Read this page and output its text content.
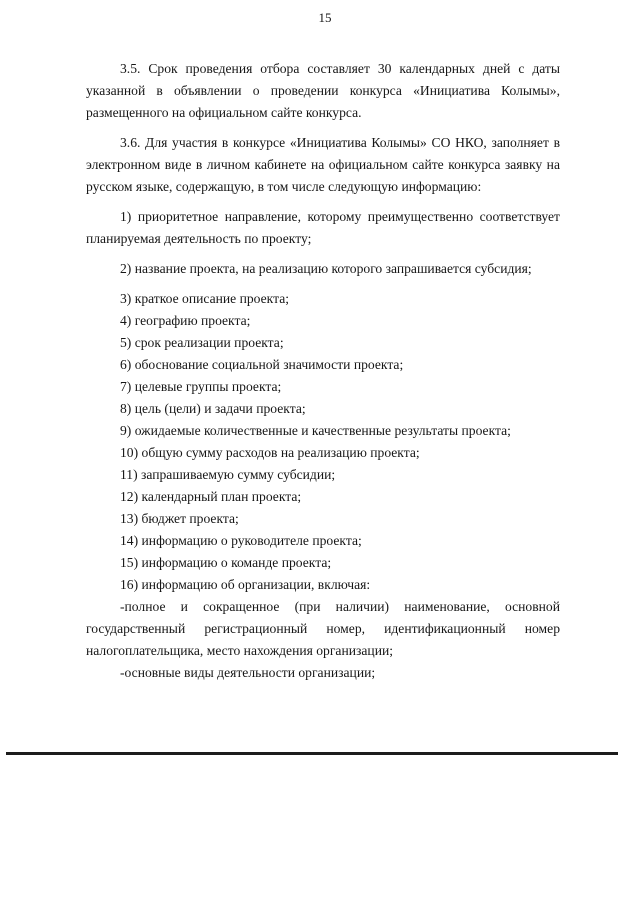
15

3.5. Срок проведения отбора составляет 30 календарных дней с даты указанной в объявлении о проведении конкурса «Инициатива Колымы», размещенного на официальном сайте конкурса.

3.6. Для участия в конкурсе «Инициатива Колымы» СО НКО, заполняет в электронном виде в личном кабинете на официальном сайте конкурса заявку на русском языке, содержащую, в том числе следующую информацию:

1) приоритетное направление, которому преимущественно соответствует планируемая деятельность по проекту;

2) название проекта, на реализацию которого запрашивается субсидия;

3) краткое описание проекта;

4) географию проекта;

5) срок реализации проекта;

6) обоснование социальной значимости проекта;

7) целевые группы проекта;

8) цель (цели) и задачи проекта;

9) ожидаемые количественные и качественные результаты проекта;

10) общую сумму расходов на реализацию проекта;

11) запрашиваемую сумму субсидии;

12) календарный план проекта;

13) бюджет проекта;

14) информацию о руководителе проекта;

15) информацию о команде проекта;

16) информацию об организации, включая:

-полное и сокращенное (при наличии) наименование, основной государственный регистрационный номер, идентификационный номер налогоплательщика, место нахождения организации;

-основные виды деятельности организации;
